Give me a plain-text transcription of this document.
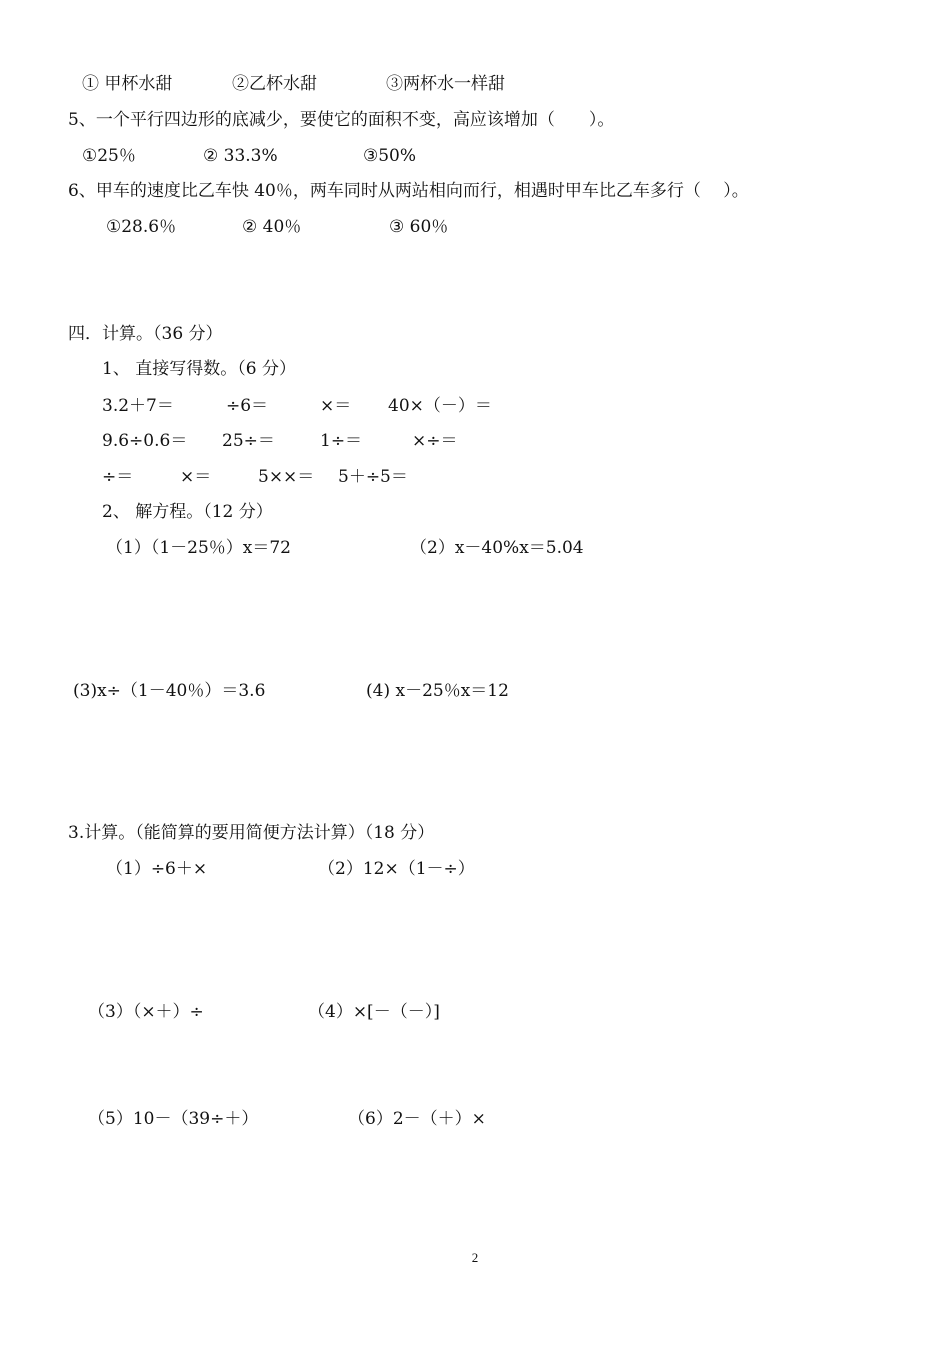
① 甲杯水甜	②乙杯水甜	③两杯水一样甜
5、一个平行四边形的底减少，要使它的面积不变，高应该增加（　　）。
①25％	② 33.3%	③50%
6、甲车的速度比乙车快 40％，两车同时从两站相向而行，相遇时甲车比乙车多行（　 ）。
①28.6％	② 40％	③ 60％
四．计算。（36 分）
1、 直接写得数。（6 分）
3.2＋7＝	÷6＝	×＝ 40×（－）＝
9.6÷0.6＝ 25÷＝	1÷＝	×÷＝
÷＝	×＝	5××＝ 5＋÷5＝
2、 解方程。（12 分）
（1）（1－25％）x＝72	（2）x－40%x＝5.04
(3)x÷（1－40％）＝3.6	(4) x－25％x＝12
3.计算。（能简算的要用简便方法计算）（18 分）
（1）÷6＋×	（2）12×（1－÷）
（3）（×＋）÷	（4）×[－（－）]
（5）10－（39÷＋）	（6）2－（＋）×
2
